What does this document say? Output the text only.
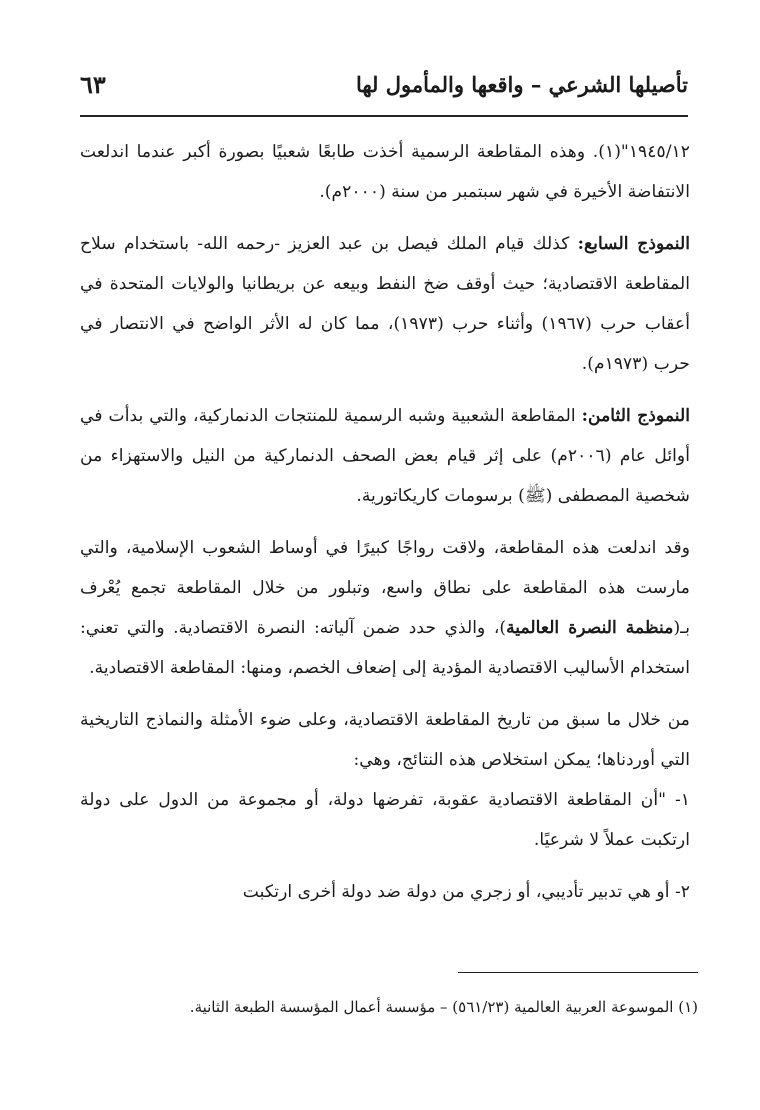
تأصيلها الشرعي – واقعها والمأمول لها
٦٣

١٩٤٥/١٢"(١). وهذه المقاطعة الرسمية أخذت طابعًا شعبيًا بصورة أكبر عندما اندلعت الانتفاضة الأخيرة في شهر سبتمبر من سنة (٢٠٠٠م).

النموذج السابع: كذلك قيام الملك فيصل بن عبد العزيز -رحمه الله- باستخدام سلاح المقاطعة الاقتصادية؛ حيث أوقف ضخ النفط وبيعه عن بريطانيا والولايات المتحدة في أعقاب حرب (١٩٦٧) وأثناء حرب (١٩٧٣)، مما كان له الأثر الواضح في الانتصار في حرب (١٩٧٣م).

النموذج الثامن: المقاطعة الشعبية وشبه الرسمية للمنتجات الدنماركية، والتي بدأت في أوائل عام (٢٠٠٦م) على إثر قيام بعض الصحف الدنماركية من النيل والاستهزاء من شخصية المصطفى (ﷺ) برسومات كاريكاتورية.

وقد اندلعت هذه المقاطعة، ولاقت رواجًا كبيرًا في أوساط الشعوب الإسلامية، والتي مارست هذه المقاطعة على نطاق واسع، وتبلور من خلال المقاطعة تجمع يُعْرف بـ(منظمة النصرة العالمية)، والذي حدد ضمن آلياته: النصرة الاقتصادية. والتي تعني: استخدام الأساليب الاقتصادية المؤدية إلى إضعاف الخصم، ومنها: المقاطعة الاقتصادية.

من خلال ما سبق من تاريخ المقاطعة الاقتصادية، وعلى ضوء الأمثلة والنماذج التاريخية التي أوردناها؛ يمكن استخلاص هذه النتائج، وهي:

١- "أن المقاطعة الاقتصادية عقوبة، تفرضها دولة، أو مجموعة من الدول على دولة ارتكبت عملاً لا شرعيًا.

٢- أو هي تدبير تأديبي، أو زجري من دولة ضد دولة أخرى ارتكبت

(١) الموسوعة العربية العالمية (٥٦١/٢٣) – مؤسسة أعمال المؤسسة الطبعة الثانية.
